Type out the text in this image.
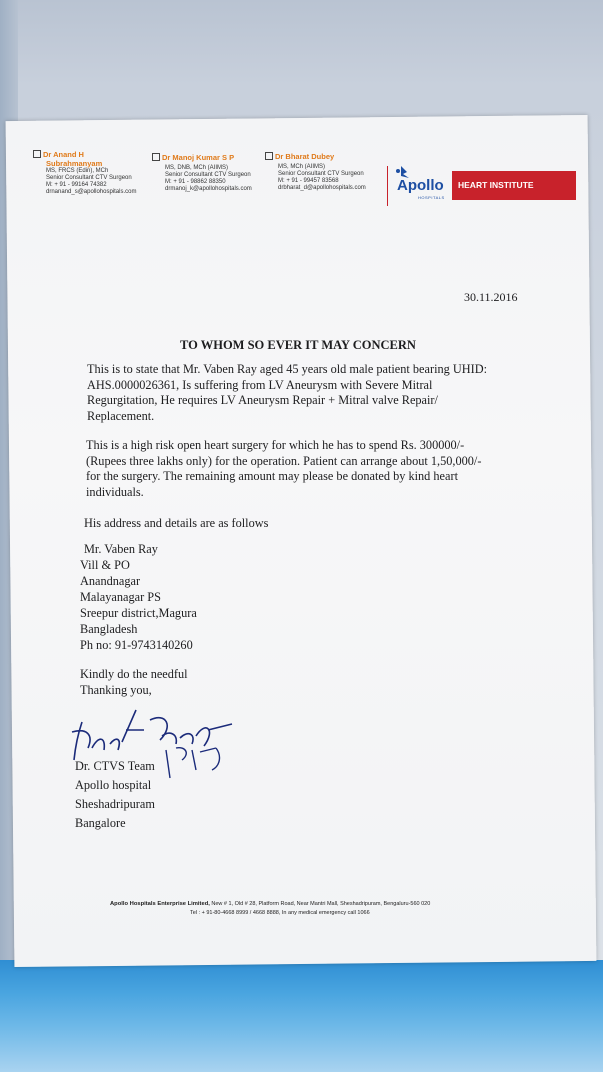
Dr Anand H
Subrahmanyam
MS, FRCS (Edin), MCh
Senior Consultant CTV Surgeon
M: + 91 - 99164 74382
drnanand_s@apollohospitals.com
Dr Manoj Kumar S P
MS, DNB, MCh (AIIMS)
Senior Consultant CTV Surgeon
M: + 91 - 98862 88350
drmanoj_k@apollohospitals.com
Dr Bharat Dubey
MS, MCh (AIIMS)
Senior Consultant CTV Surgeon
M: + 91 - 99457 83568
drbharat_d@apollohospitals.com	Apollo
HOSPITALS
HEART INSTITUTE
30.11.2016
TO WHOM SO EVER IT MAY CONCERN
This is to state that Mr. Vaben Ray aged 45 years old male patient bearing UHID:
AHS.0000026361, Is suffering from LV Aneurysm with Severe Mitral
Regurgitation, He requires LV Aneurysm Repair + Mitral valve Repair/
Replacement.
This is a high risk open heart surgery for which he has to spend Rs. 300000/-
(Rupees three lakhs only) for the operation. Patient can arrange about 1,50,000/-
for the surgery. The remaining amount may please be donated by kind heart
individuals.
His address and details are as follows
Mr. Vaben Ray
Vill & PO
Anandnagar
Malayanagar PS
Sreepur district,Magura
Bangladesh
Ph no: 91-9743140260
Kindly do the needful
Thanking you,
Dr. CTVS Team
Apollo hospital
Sheshadripuram
Bangalore
Apollo Hospitals Enterprise Limited, New # 1, Old # 28, Platform Road, Near Mantri Mall, Sheshadripuram, Bengaluru-560 020
Tel : + 91-80-4668 8999 / 4668 8888, In any medical emergency call 1066
